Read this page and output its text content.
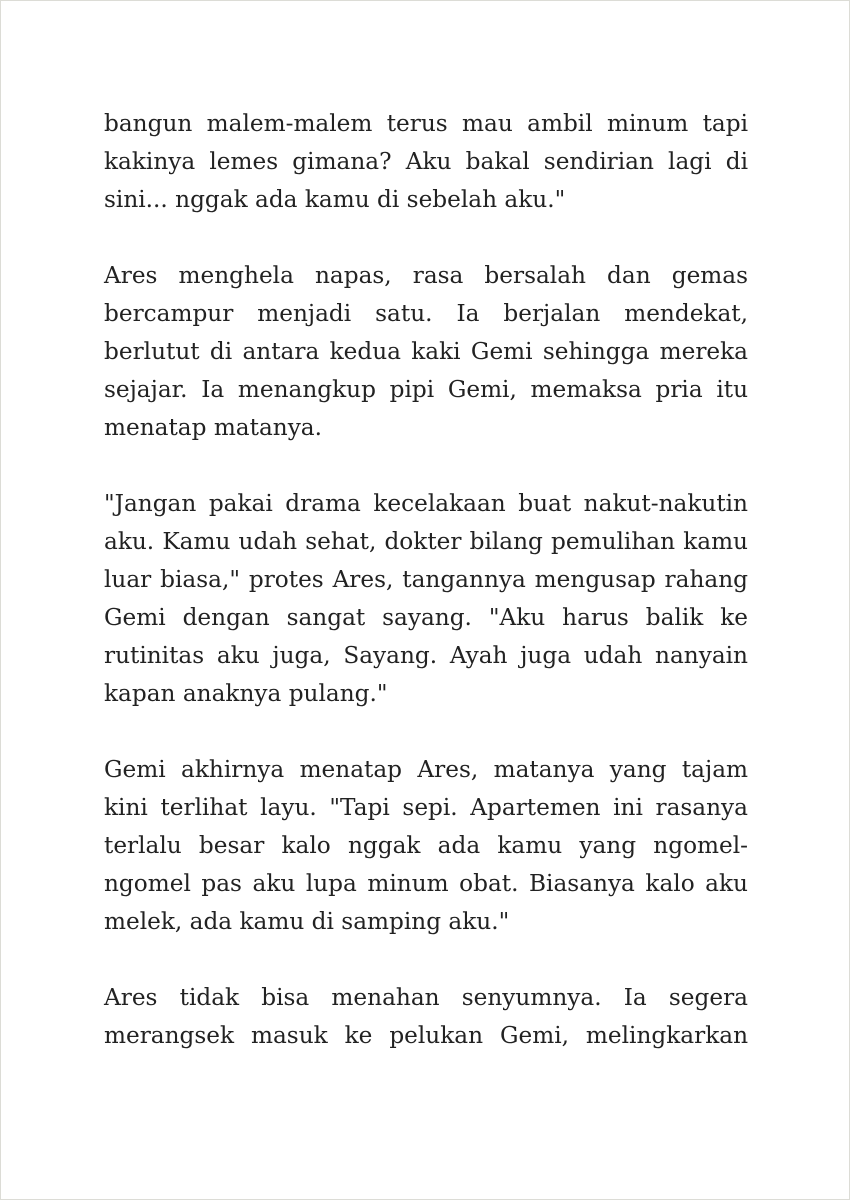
bangun malem-malem terus mau ambil minum tapi kakinya lemes gimana? Aku bakal sendirian lagi di sini... nggak ada kamu di sebelah aku."

Ares menghela napas, rasa bersalah dan gemas bercampur menjadi satu. Ia berjalan mendekat, berlutut di antara kedua kaki Gemi sehingga mereka sejajar. Ia menangkup pipi Gemi, memaksa pria itu menatap matanya.

"Jangan pakai drama kecelakaan buat nakut-nakutin aku. Kamu udah sehat, dokter bilang pemulihan kamu luar biasa," protes Ares, tangannya mengusap rahang Gemi dengan sangat sayang. "Aku harus balik ke rutinitas aku juga, Sayang. Ayah juga udah nanyain kapan anaknya pulang."

Gemi akhirnya menatap Ares, matanya yang tajam kini terlihat layu. "Tapi sepi. Apartemen ini rasanya terlalu besar kalo nggak ada kamu yang ngomel-ngomel pas aku lupa minum obat. Biasanya kalo aku melek, ada kamu di samping aku."

Ares tidak bisa menahan senyumnya. Ia segera merangsek masuk ke pelukan Gemi, melingkarkan
